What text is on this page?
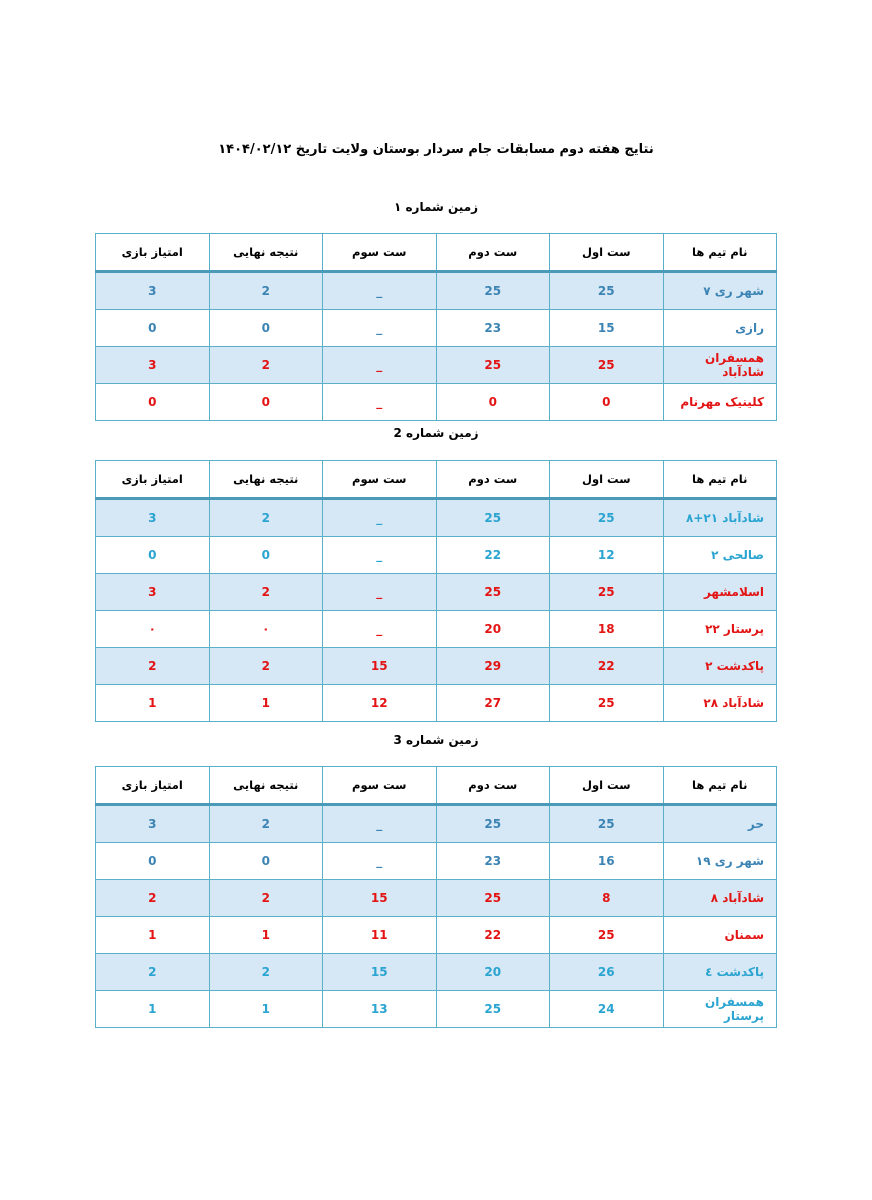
نتایج هفته دوم مسابقات جام سردار بوستان ولایت تاریخ ۱۴۰۴/۰۲/۱۲
زمین شماره ۱
نام تیم ها	ست اول	ست دوم	ست سوم	نتیجه نهایی	امتیاز بازی
شهر ری ۷	25	25	_	2	3
رازی	15	23	_	0	0
همسفران شادآباد	25	25	_	2	3
کلینیک مهرنام	0	0	_	0	0
زمین شماره 2
نام تیم ها	ست اول	ست دوم	ست سوم	نتیجه نهایی	امتیاز بازی
شادآباد ۲۱+۸	25	25	_	2	3
صالحی ۲	12	22	_	0	0
اسلامشهر	25	25	_	2	3
پرستار ۲۲	18	20	_	۰	۰
پاکدشت ۲	22	29	15	2	2
شادآباد ۲۸	25	27	12	1	1
زمین شماره 3
نام تیم ها	ست اول	ست دوم	ست سوم	نتیجه نهایی	امتیاز بازی
حر	25	25	_	2	3
شهر ری ۱۹	16	23	_	0	0
شادآباد ۸	8	25	15	2	2
سمنان	25	22	11	1	1
پاکدشت ٤	26	20	15	2	2
همسفران پرستار	24	25	13	1	1
